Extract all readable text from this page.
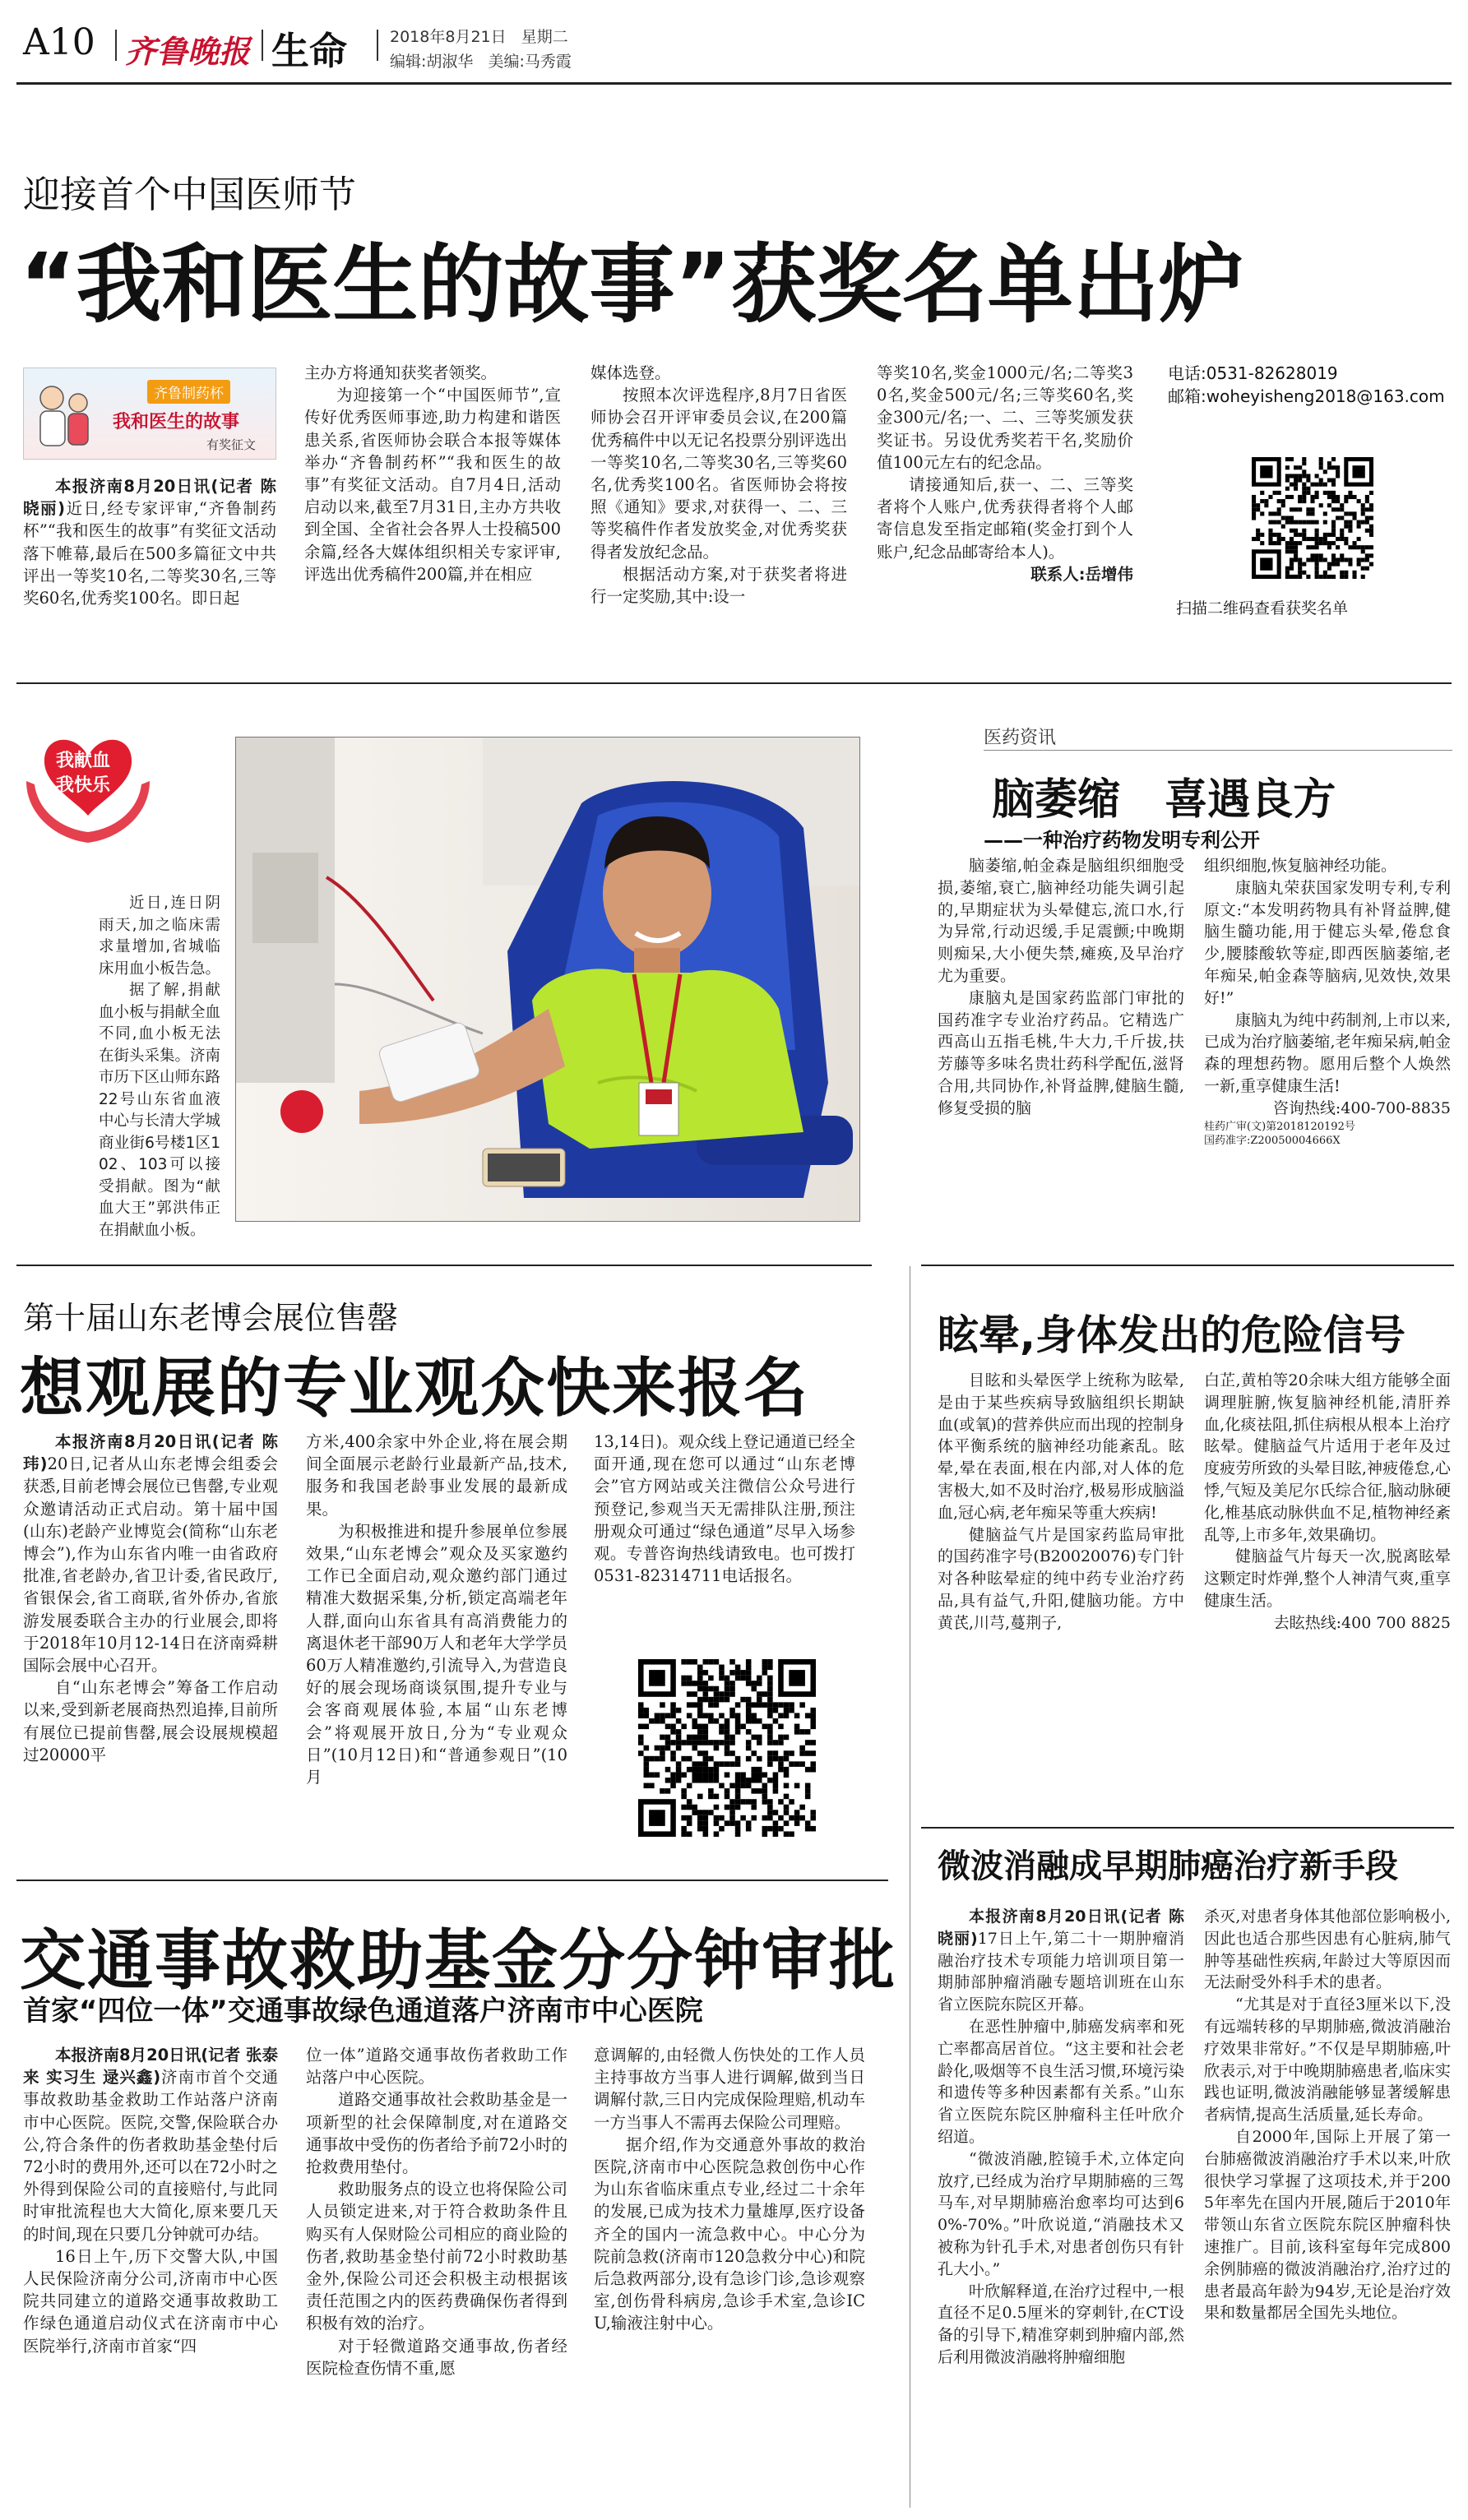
A10 齐鲁晚报 生命	2018年8月21日 星期二
编辑:胡淑华 美编:马秀霞
迎接首个中国医师节
“我和医生的故事”获奖名单出炉
齐鲁制药杯
我和医生的故事
有奖征文

本报济南8月20日讯(记者 陈晓丽)近日,经专家评审,“齐鲁制药杯”“我和医生的故事”有奖征文活动落下帷幕,最后在500多篇征文中共评出一等奖10名,二等奖30名,三等奖60名,优秀奖100名。即日起

主办方将通知获奖者领奖。

为迎接第一个“中国医师节”,宣传好优秀医师事迹,助力构建和谐医患关系,省医师协会联合本报等媒体举办“齐鲁制药杯”“我和医生的故事”有奖征文活动。自7月4日,活动启动以来,截至7月31日,主办方共收到全国、全省社会各界人士投稿500余篇,经各大媒体组织相关专家评审,评选出优秀稿件200篇,并在相应

媒体选登。

按照本次评选程序,8月7日省医师协会召开评审委员会议,在200篇优秀稿件中以无记名投票分别评选出一等奖10名,二等奖30名,三等奖60名,优秀奖100名。省医师协会将按照《通知》要求,对获得一、二、三等奖稿件作者发放奖金,对优秀奖获得者发放纪念品。

根据活动方案,对于获奖者将进行一定奖励,其中:设一

等奖10名,奖金1000元/名;二等奖30名,奖金500元/名;三等奖60名,奖金300元/名;一、二、三等奖颁发获奖证书。另设优秀奖若干名,奖励价值100元左右的纪念品。

请接通知后,获一、二、三等奖者将个人账户,优秀获得者将个人邮寄信息发至指定邮箱(奖金打到个人账户,纪念品邮寄给本人)。

联系人:岳增伟

电话:0531-82628019
邮箱:woheyisheng2018@163.com
扫描二维码查看获奖名单
我献血
我快乐

近日,连日阴雨天,加之临床需求量增加,省城临床用血小板告急。

据了解,捐献血小板与捐献全血不同,血小板无法在街头采集。济南市历下区山师东路22号山东省血液中心与长清大学城商业街6号楼1区102、103可以接受捐献。图为“献血大王”郭洪伟正在捐献血小板。

医药资讯
脑萎缩   喜遇良方
——一种治疗药物发明专利公开

脑萎缩,帕金森是脑组织细胞受损,萎缩,衰亡,脑神经功能失调引起的,早期症状为头晕健忘,流口水,行为异常,行动迟缓,手足震颤;中晚期则痴呆,大小便失禁,瘫痪,及早治疗尤为重要。

康脑丸是国家药监部门审批的国药准字专业治疗药品。它精选广西高山五指毛桃,牛大力,千斤拔,扶芳藤等多味名贵壮药科学配伍,滋肾合用,共同协作,补肾益脾,健脑生髓,修复受损的脑

组织细胞,恢复脑神经功能。

康脑丸荣获国家发明专利,专利原文:“本发明药物具有补肾益脾,健脑生髓功能,用于健忘头晕,倦怠食少,腰膝酸软等症,即西医脑萎缩,老年痴呆,帕金森等脑病,见效快,效果好!”

康脑丸为纯中药制剂,上市以来,已成为治疗脑萎缩,老年痴呆病,帕金森的理想药物。愿用后整个人焕然一新,重享健康生活!

咨询热线:400-700-8835

桂药广审(文)第2018120192号

国药准字:Z20050004666X

第十届山东老博会展位售罄
想观展的专业观众快来报名

本报济南8月20日讯(记者 陈玮)20日,记者从山东老博会组委会获悉,目前老博会展位已售罄,专业观众邀请活动正式启动。第十届中国(山东)老龄产业博览会(简称“山东老博会”),作为山东省内唯一由省政府批准,省老龄办,省卫计委,省民政厅,省银保会,省工商联,省外侨办,省旅游发展委联合主办的行业展会,即将于2018年10月12-14日在济南舜耕国际会展中心召开。

自“山东老博会”筹备工作启动以来,受到新老展商热烈追捧,目前所有展位已提前售罄,展会设展规模超过20000平

方米,400余家中外企业,将在展会期间全面展示老龄行业最新产品,技术,服务和我国老龄事业发展的最新成果。

为积极推进和提升参展单位参展效果,“山东老博会”观众及买家邀约工作已全面启动,观众邀约部门通过精准大数据采集,分析,锁定高端老年人群,面向山东省具有高消费能力的离退休老干部90万人和老年大学学员60万人精准邀约,引流导入,为营造良好的展会现场商谈氛围,提升专业与会客商观展体验,本届“山东老博会”将观展开放日,分为“专业观众日”(10月12日)和“普通参观日”(10月

13,14日)。观众线上登记通道已经全面开通,现在您可以通过“山东老博会”官方网站或关注微信公众号进行预登记,参观当天无需排队注册,预注册观众可通过“绿色通道”尽早入场参观。专普咨询热线请致电。也可拨打0531-82314711电话报名。

眩晕,身体发出的危险信号

目眩和头晕医学上统称为眩晕,是由于某些疾病导致脑组织长期缺血(或氧)的营养供应而出现的控制身体平衡系统的脑神经功能紊乱。眩晕,晕在表面,根在内部,对人体的危害极大,如不及时治疗,极易形成脑溢血,冠心病,老年痴呆等重大疾病!

健脑益气片是国家药监局审批的国药准字号(B20020076)专门针对各种眩晕症的纯中药专业治疗药品,具有益气,升阳,健脑功能。方中黄芪,川芎,蔓荆子,

白芷,黄柏等20余味大组方能够全面调理脏腑,恢复脑神经机能,清肝养血,化痰祛阻,抓住病根从根本上治疗眩晕。健脑益气片适用于老年及过度疲劳所致的头晕目眩,神疲倦怠,心悸,气短及美尼尔氏综合征,脑动脉硬化,椎基底动脉供血不足,植物神经紊乱等,上市多年,效果确切。

健脑益气片每天一次,脱离眩晕这颗定时炸弹,整个人神清气爽,重享健康生活。

去眩热线:400 700 8825

微波消融成早期肺癌治疗新手段

本报济南8月20日讯(记者 陈晓丽)17日上午,第二十一期肿瘤消融治疗技术专项能力培训项目第一期肺部肿瘤消融专题培训班在山东省立医院东院区开幕。

在恶性肿瘤中,肺癌发病率和死亡率都高居首位。“这主要和社会老龄化,吸烟等不良生活习惯,环境污染和遗传等多种因素都有关系。”山东省立医院东院区肿瘤科主任叶欣介绍道。

“微波消融,腔镜手术,立体定向放疗,已经成为治疗早期肺癌的三驾马车,对早期肺癌治愈率均可达到60%-70%。”叶欣说道,“消融技术又被称为针孔手术,对患者创伤只有针孔大小。”

叶欣解释道,在治疗过程中,一根直径不足0.5厘米的穿刺针,在CT设备的引导下,精准穿刺到肿瘤内部,然后利用微波消融将肿瘤细胞

杀灭,对患者身体其他部位影响极小,因此也适合那些因患有心脏病,肺气肿等基础性疾病,年龄过大等原因而无法耐受外科手术的患者。

“尤其是对于直径3厘米以下,没有远端转移的早期肺癌,微波消融治疗效果非常好。”不仅是早期肺癌,叶欣表示,对于中晚期肺癌患者,临床实践也证明,微波消融能够显著缓解患者病情,提高生活质量,延长寿命。

自2000年,国际上开展了第一台肺癌微波消融治疗手术以来,叶欣很快学习掌握了这项技术,并于2005年率先在国内开展,随后于2010年带领山东省立医院东院区肿瘤科快速推广。目前,该科室每年完成800余例肺癌的微波消融治疗,治疗过的患者最高年龄为94岁,无论是治疗效果和数量都居全国先头地位。

交通事故救助基金分分钟审批
首家“四位一体”交通事故绿色通道落户济南市中心医院

本报济南8月20日讯(记者 张泰来 实习生 逯兴鑫)济南市首个交通事故救助基金救助工作站落户济南市中心医院。医院,交警,保险联合办公,符合条件的伤者救助基金垫付后72小时的费用外,还可以在72小时之外得到保险公司的直接赔付,与此同时审批流程也大大简化,原来要几天的时间,现在只要几分钟就可办结。

16日上午,历下交警大队,中国人民保险济南分公司,济南市中心医院共同建立的道路交通事故救助工作绿色通道启动仪式在济南市中心医院举行,济南市首家“四

位一体”道路交通事故伤者救助工作站落户中心医院。

道路交通事故社会救助基金是一项新型的社会保障制度,对在道路交通事故中受伤的伤者给予前72小时的抢救费用垫付。

救助服务点的设立也将保险公司人员锁定进来,对于符合救助条件且购买有人保财险公司相应的商业险的伤者,救助基金垫付前72小时救助基金外,保险公司还会积极主动根据该责任范围之内的医药费确保伤者得到积极有效的治疗。

对于轻微道路交通事故,伤者经医院检查伤情不重,愿

意调解的,由轻微人伤快处的工作人员主持事故方当事人进行调解,做到当日调解付款,三日内完成保险理赔,机动车一方当事人不需再去保险公司理赔。

据介绍,作为交通意外事故的救治医院,济南市中心医院急救创伤中心作为山东省临床重点专业,经过二十余年的发展,已成为技术力量雄厚,医疗设备齐全的国内一流急救中心。中心分为院前急救(济南市120急救分中心)和院后急救两部分,设有急诊门诊,急诊观察室,创伤骨科病房,急诊手术室,急诊ICU,输液注射中心。
